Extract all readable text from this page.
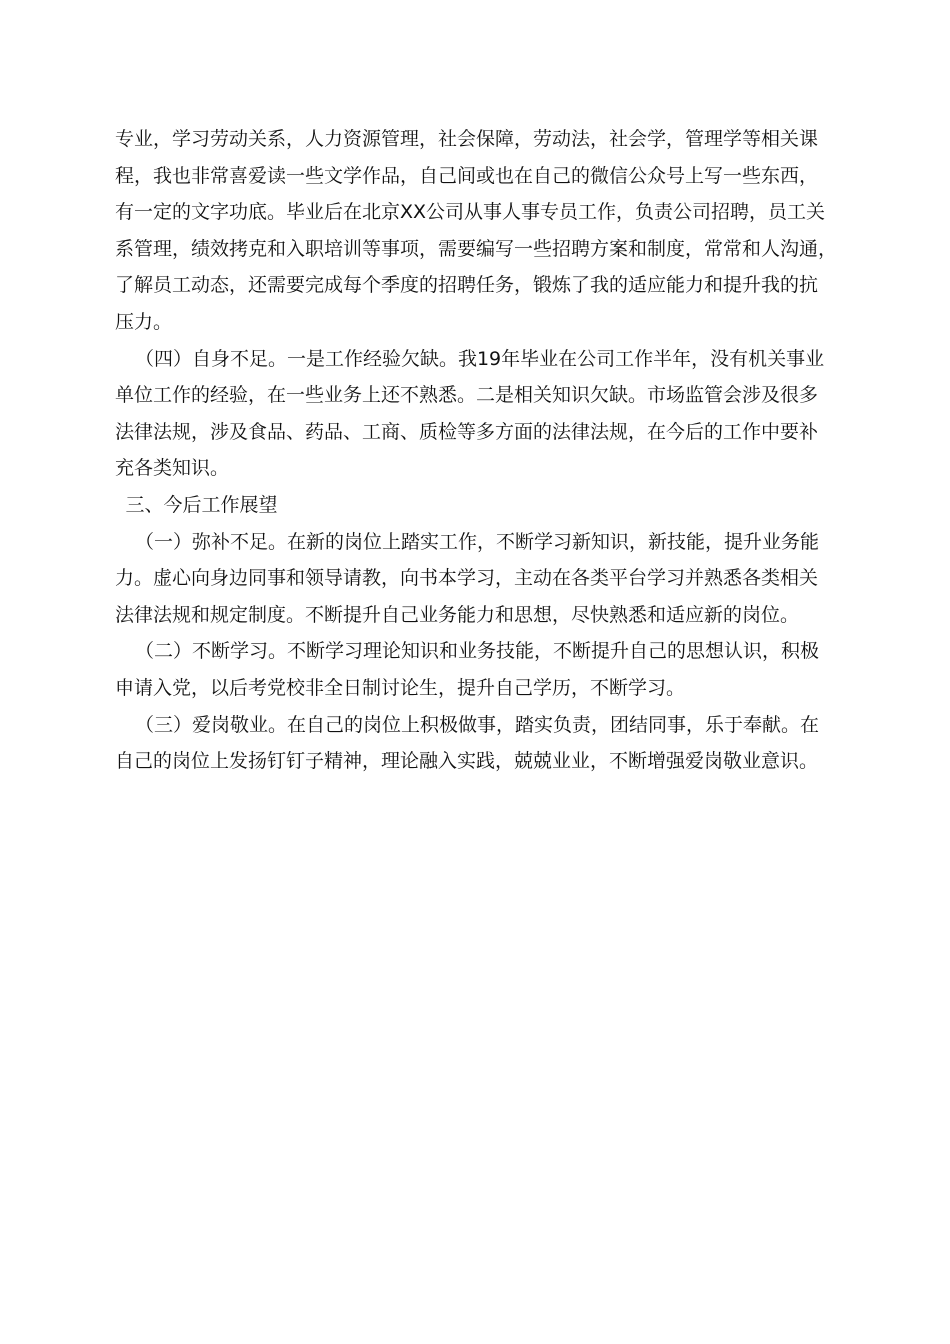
专业，学习劳动关系，人力资源管理，社会保障，劳动法，社会学，管理学等相关课
程，我也非常喜爱读一些文学作品，自己间或也在自己的微信公众号上写一些东西，
有一定的文字功底。毕业后在北京XX公司从事人事专员工作，负责公司招聘，员工关
系管理，绩效拷克和入职培训等事项，需要编写一些招聘方案和制度，常常和人沟通，
了解员工动态，还需要完成每个季度的招聘任务，锻炼了我的适应能力和提升我的抗
压力。

（四）自身不足。一是工作经验欠缺。我19年毕业在公司工作半年，没有机关事业
单位工作的经验，在一些业务上还不熟悉。二是相关知识欠缺。市场监管会涉及很多
法律法规，涉及食品、药品、工商、质检等多方面的法律法规，在今后的工作中要补
充各类知识。

三、今后工作展望

（一）弥补不足。在新的岗位上踏实工作，不断学习新知识，新技能，提升业务能
力。虚心向身边同事和领导请教，向书本学习，主动在各类平台学习并熟悉各类相关
法律法规和规定制度。不断提升自己业务能力和思想，尽快熟悉和适应新的岗位。

（二）不断学习。不断学习理论知识和业务技能，不断提升自己的思想认识，积极
申请入党，以后考党校非全日制讨论生，提升自己学历，不断学习。

（三）爱岗敬业。在自己的岗位上积极做事，踏实负责，团结同事，乐于奉献。在
自己的岗位上发扬钉钉子精神，理论融入实践，兢兢业业，不断增强爱岗敬业意识。
